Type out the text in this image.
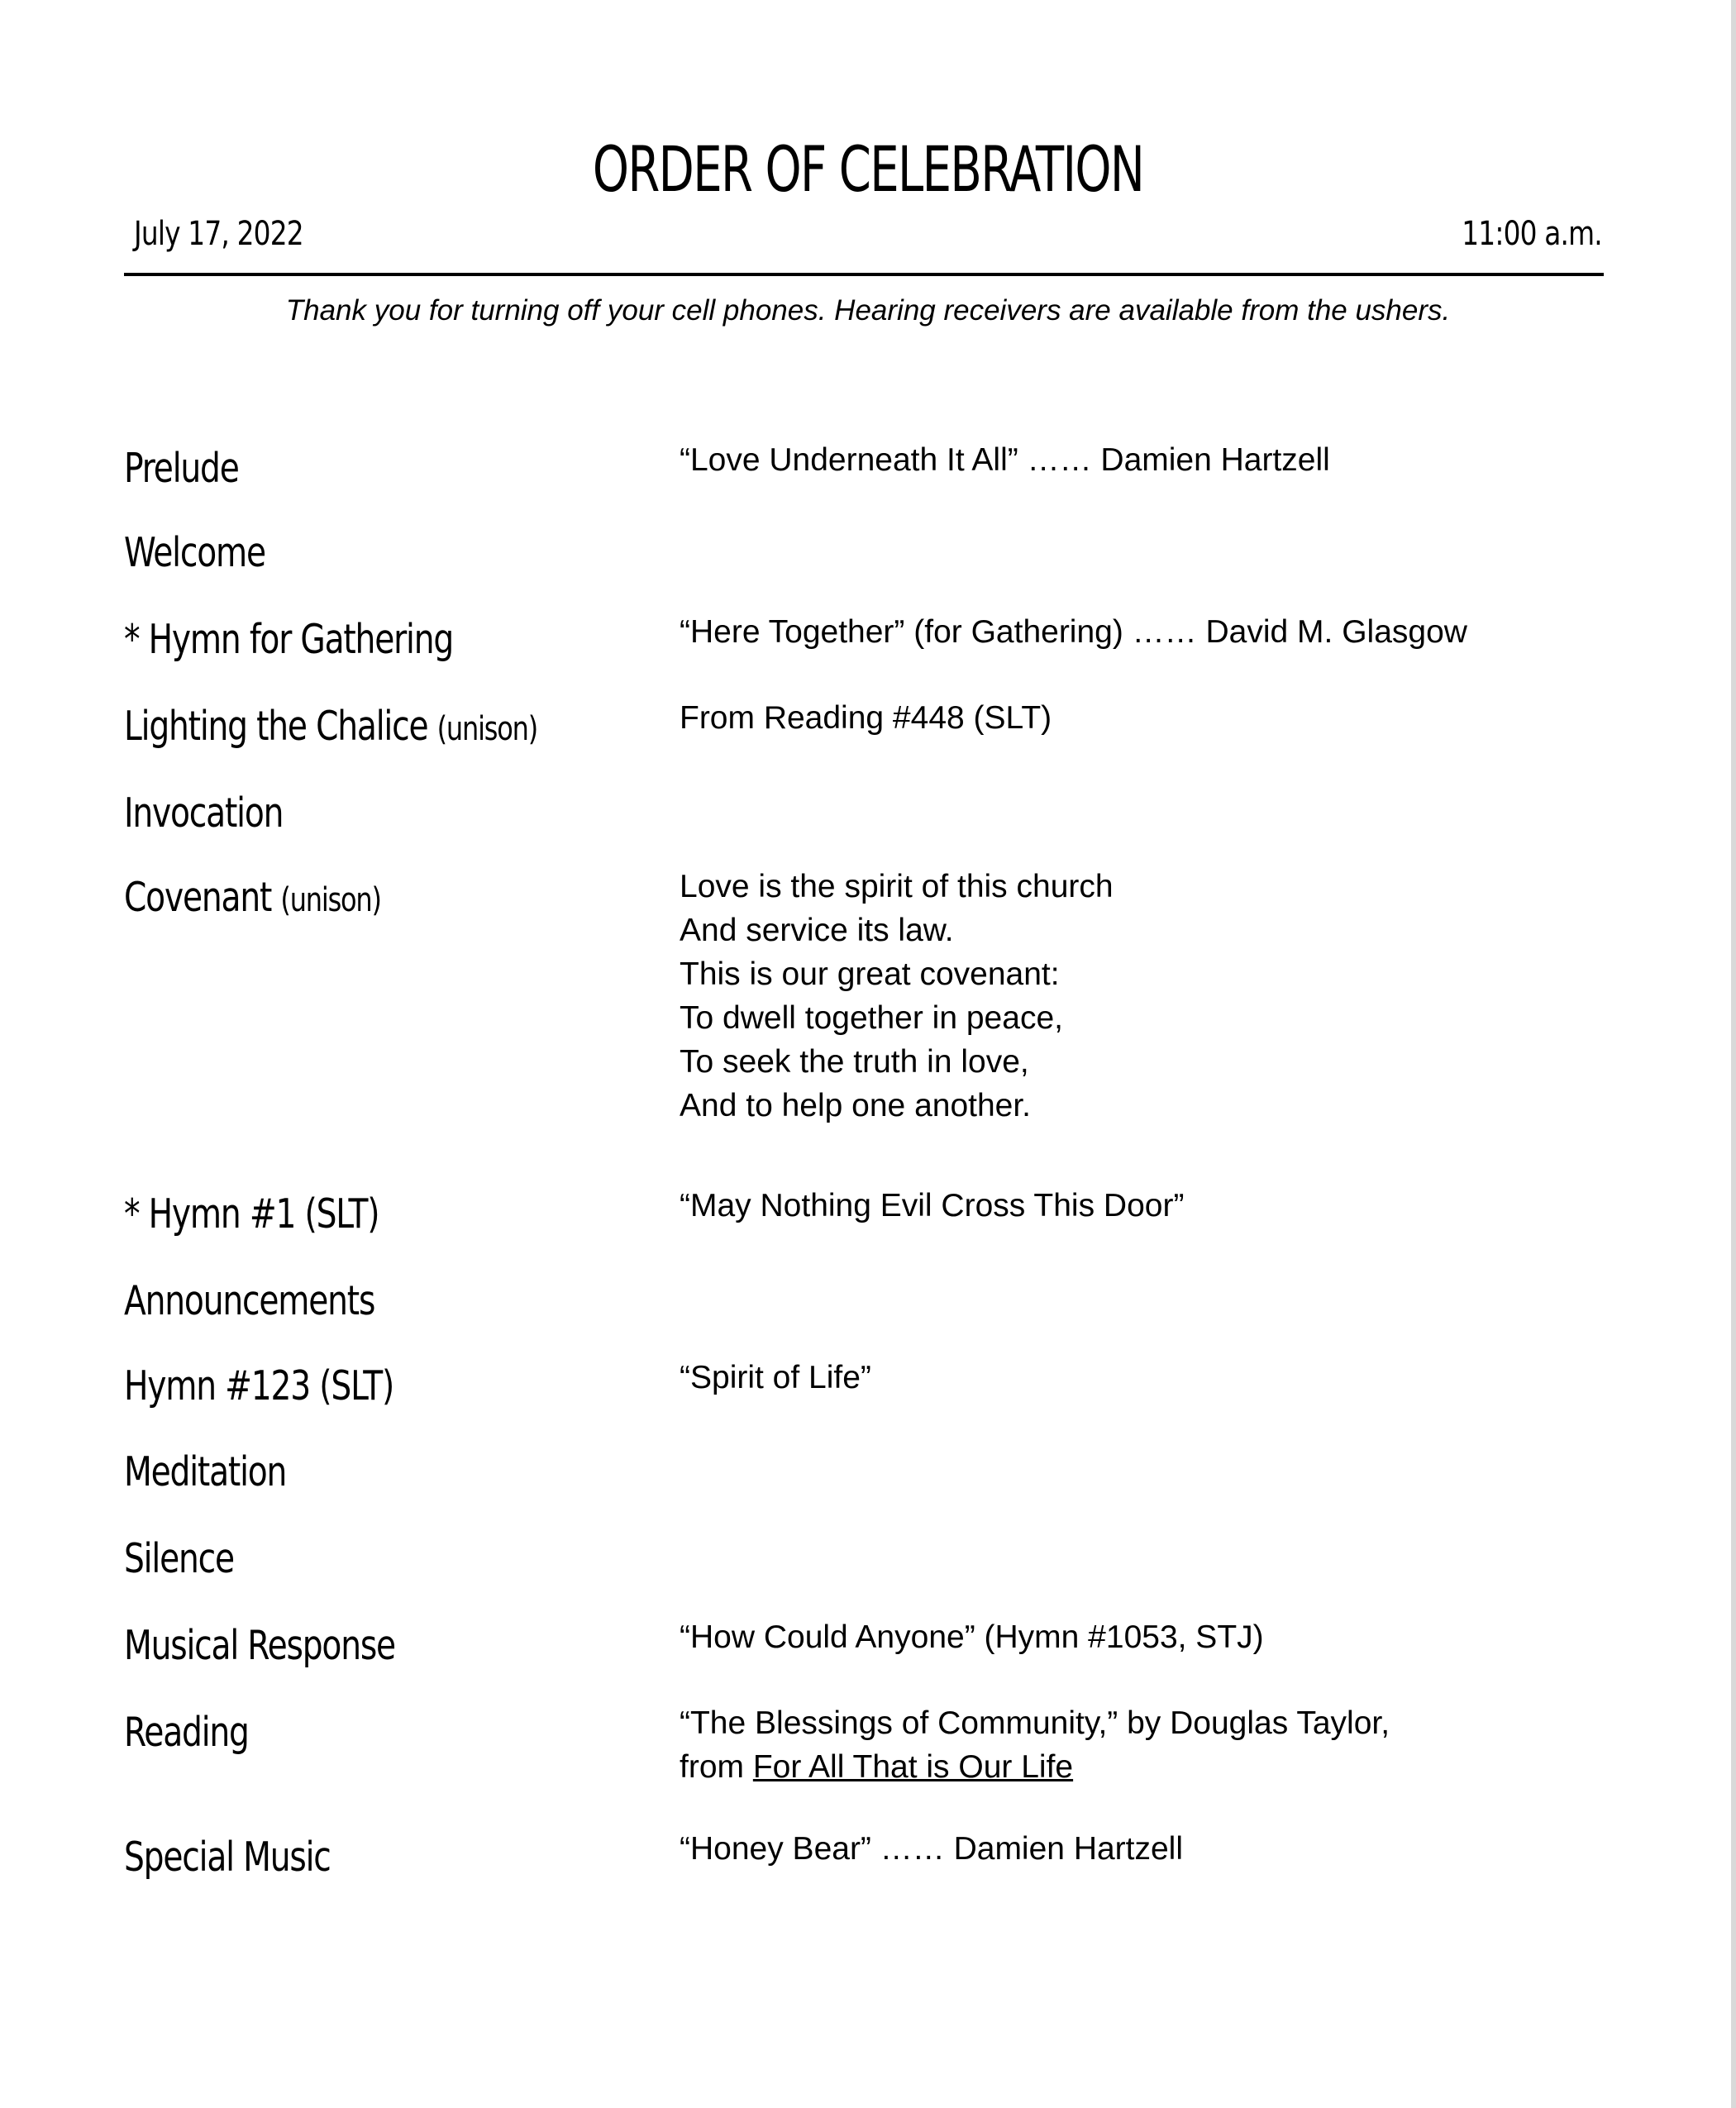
ORDER OF CELEBRATION
July 17, 2022	11:00 a.m.
Thank you for turning off your cell phones. Hearing receivers are available from the ushers.
Prelude	“Love Underneath It All” …… Damien Hartzell
Welcome
* Hymn for Gathering	“Here Together” (for Gathering) …… David M. Glasgow
Lighting the Chalice (unison)	From Reading #448 (SLT)
Invocation
Covenant (unison)	Love is the spirit of this church
And service its law.
This is our great covenant:
To dwell together in peace,
To seek the truth in love,
And to help one another.
* Hymn #1 (SLT)	“May Nothing Evil Cross This Door”
Announcements
Hymn #123 (SLT)	“Spirit of Life”
Meditation
Silence
Musical Response	“How Could Anyone” (Hymn #1053, STJ)
Reading	“The Blessings of Community,” by Douglas Taylor,
from For All That is Our Life
Special Music	“Honey Bear” …… Damien Hartzell
